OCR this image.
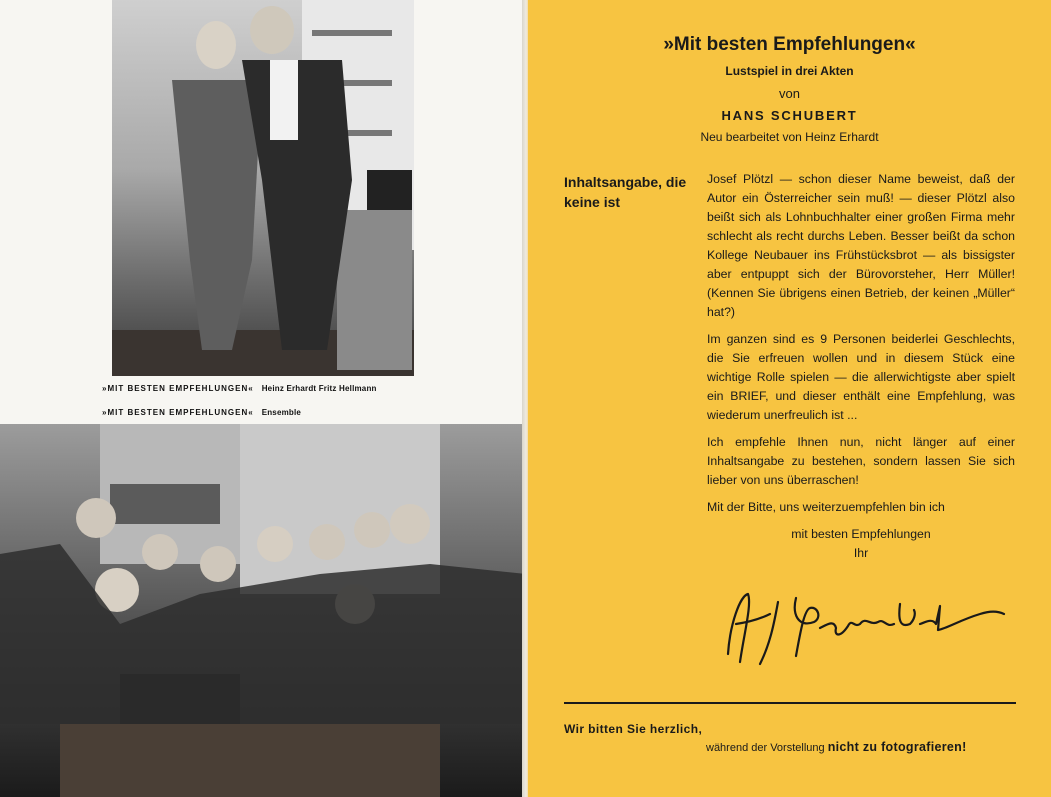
»MIT BESTEN EMPFEHLUNGEN« Heinz Erhardt Fritz Hellmann
»MIT BESTEN EMPFEHLUNGEN« Ensemble
»Mit besten Empfehlungen«
Lustspiel in drei Akten
von
HANS SCHUBERT
Neu bearbeitet von Heinz Erhardt
Inhaltsangabe, die keine ist

Josef Plötzl — schon dieser Name beweist, daß der Autor ein Österreicher sein muß! — dieser Plötzl also beißt sich als Lohnbuchhalter einer großen Firma mehr schlecht als recht durchs Leben. Besser beißt da schon Kollege Neubauer ins Frühstücksbrot — als bissigster aber entpuppt sich der Bürovorsteher, Herr Müller! (Kennen Sie übrigens einen Betrieb, der keinen „Müller“ hat?)

Im ganzen sind es 9 Personen beiderlei Geschlechts, die Sie erfreuen wollen und in diesem Stück eine wichtige Rolle spielen — die allerwichtigste aber spielt ein BRIEF, und dieser enthält eine Empfehlung, was wiederum unerfreulich ist ...

Ich empfehle Ihnen nun, nicht länger auf einer Inhaltsangabe zu bestehen, sondern lassen Sie sich lieber von uns überraschen!

Mit der Bitte, uns weiterzuempfehlen bin ich

mit besten Empfehlungen

Ihr

Wir bitten Sie herzlich,
während der Vorstellung nicht zu fotografieren!
